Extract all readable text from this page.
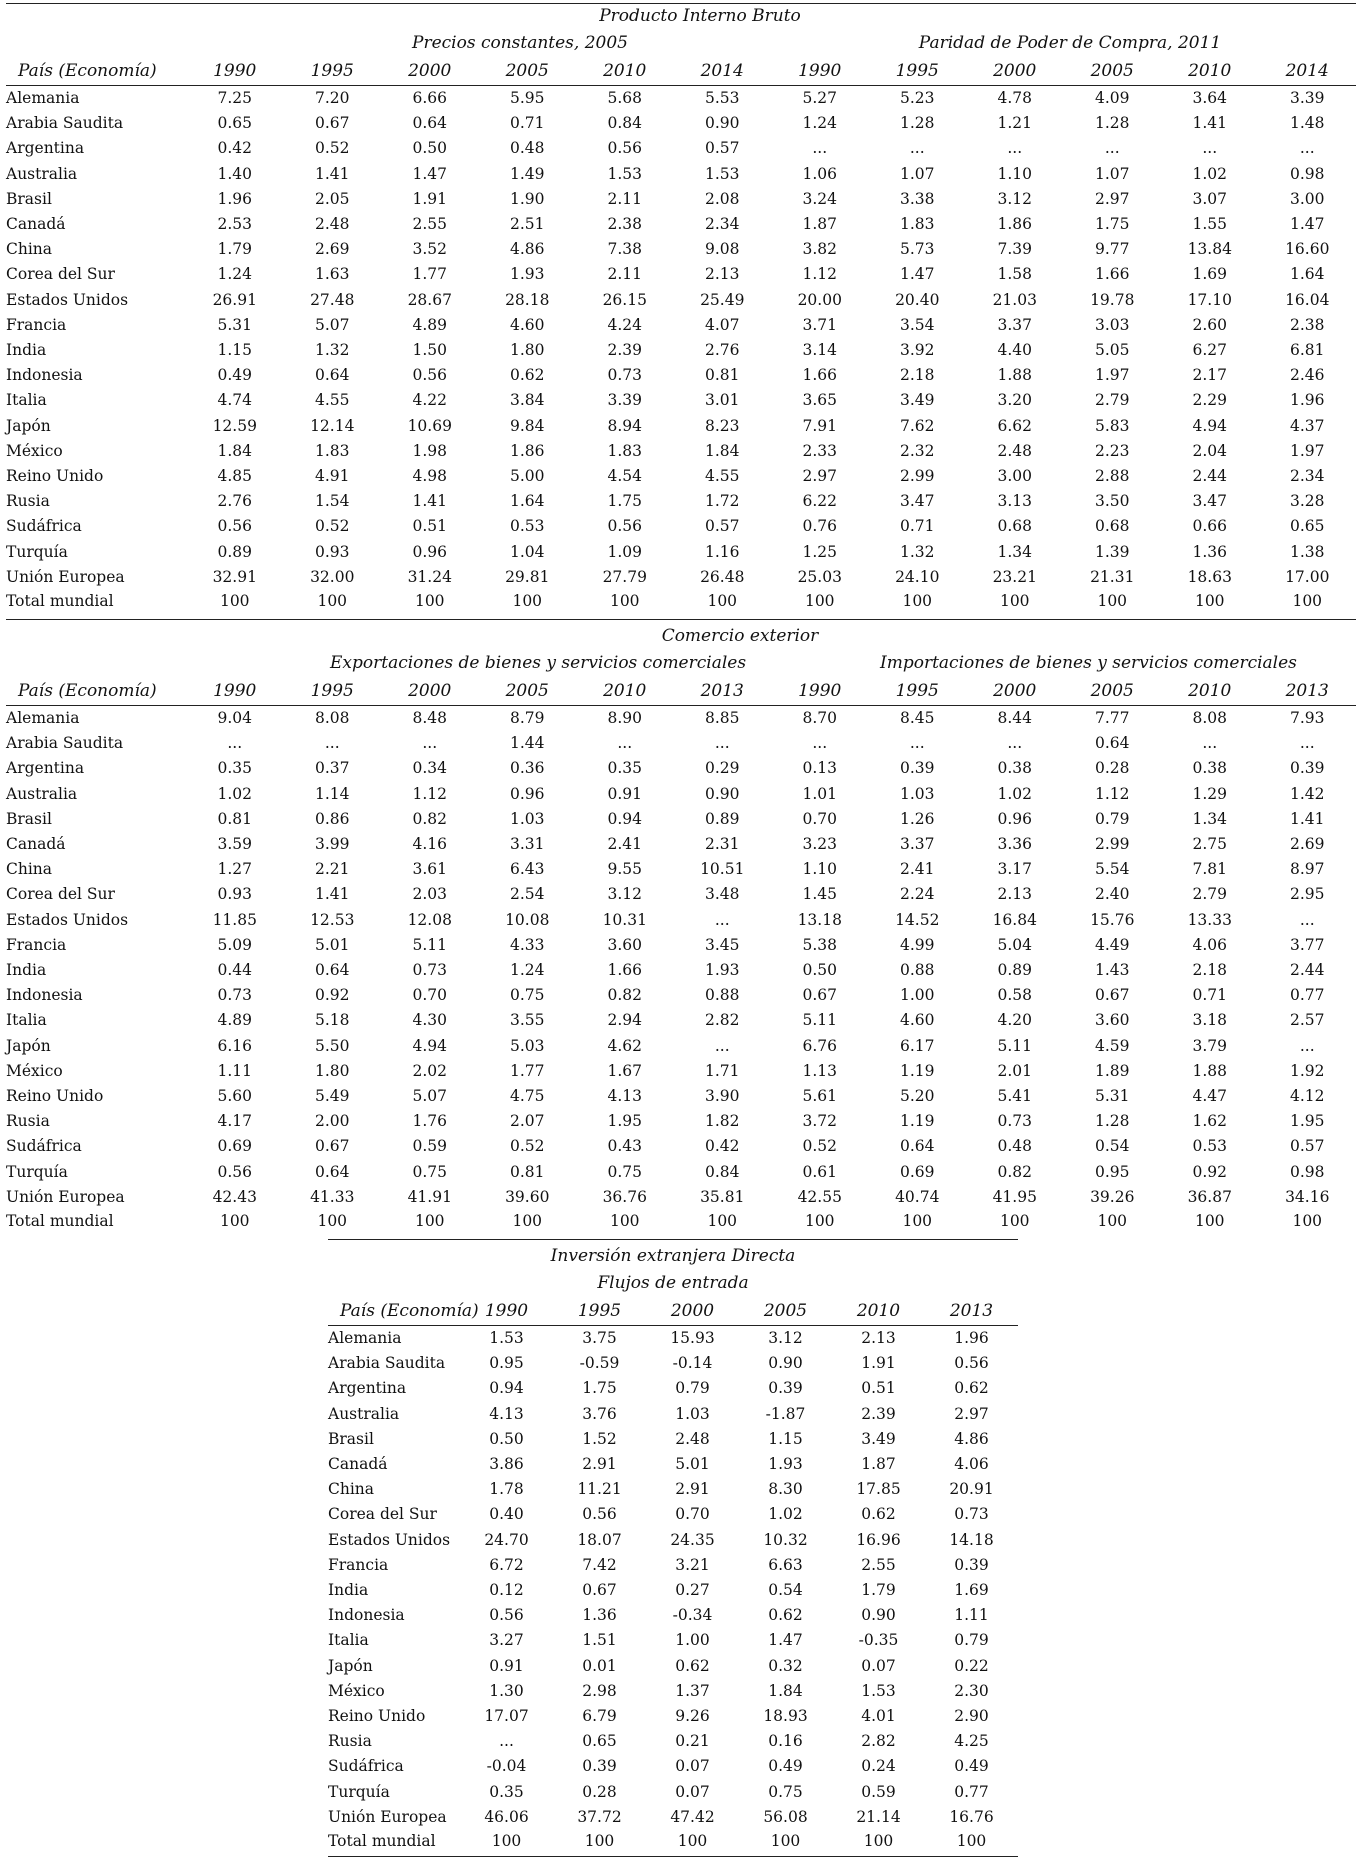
Producto Interno Bruto
Precios constantes, 2005	Paridad de Poder de Compra, 2011
País (Economía)	1990	1995	2000	2005	2010	2014	1990	1995	2000	2005	2010	2014
Alemania	7.25	7.20	6.66	5.95	5.68	5.53	5.27	5.23	4.78	4.09	3.64	3.39
Arabia Saudita	0.65	0.67	0.64	0.71	0.84	0.90	1.24	1.28	1.21	1.28	1.41	1.48
Argentina	0.42	0.52	0.50	0.48	0.56	0.57	...	...	...	...	...	...
Australia	1.40	1.41	1.47	1.49	1.53	1.53	1.06	1.07	1.10	1.07	1.02	0.98
Brasil	1.96	2.05	1.91	1.90	2.11	2.08	3.24	3.38	3.12	2.97	3.07	3.00
Canadá	2.53	2.48	2.55	2.51	2.38	2.34	1.87	1.83	1.86	1.75	1.55	1.47
China	1.79	2.69	3.52	4.86	7.38	9.08	3.82	5.73	7.39	9.77	13.84	16.60
Corea del Sur	1.24	1.63	1.77	1.93	2.11	2.13	1.12	1.47	1.58	1.66	1.69	1.64
Estados Unidos	26.91	27.48	28.67	28.18	26.15	25.49	20.00	20.40	21.03	19.78	17.10	16.04
Francia	5.31	5.07	4.89	4.60	4.24	4.07	3.71	3.54	3.37	3.03	2.60	2.38
India	1.15	1.32	1.50	1.80	2.39	2.76	3.14	3.92	4.40	5.05	6.27	6.81
Indonesia	0.49	0.64	0.56	0.62	0.73	0.81	1.66	2.18	1.88	1.97	2.17	2.46
Italia	4.74	4.55	4.22	3.84	3.39	3.01	3.65	3.49	3.20	2.79	2.29	1.96
Japón	12.59	12.14	10.69	9.84	8.94	8.23	7.91	7.62	6.62	5.83	4.94	4.37
México	1.84	1.83	1.98	1.86	1.83	1.84	2.33	2.32	2.48	2.23	2.04	1.97
Reino Unido	4.85	4.91	4.98	5.00	4.54	4.55	2.97	2.99	3.00	2.88	2.44	2.34
Rusia	2.76	1.54	1.41	1.64	1.75	1.72	6.22	3.47	3.13	3.50	3.47	3.28
Sudáfrica	0.56	0.52	0.51	0.53	0.56	0.57	0.76	0.71	0.68	0.68	0.66	0.65
Turquía	0.89	0.93	0.96	1.04	1.09	1.16	1.25	1.32	1.34	1.39	1.36	1.38
Unión Europea	32.91	32.00	31.24	29.81	27.79	26.48	25.03	24.10	23.21	21.31	18.63	17.00
Total mundial	100	100	100	100	100	100	100	100	100	100	100	100
Comercio exterior
Exportaciones de bienes y servicios comerciales	Importaciones de bienes y servicios comerciales
País (Economía)	1990	1995	2000	2005	2010	2013	1990	1995	2000	2005	2010	2013
Alemania	9.04	8.08	8.48	8.79	8.90	8.85	8.70	8.45	8.44	7.77	8.08	7.93
Arabia Saudita	...	...	...	1.44	...	...	...	...	...	0.64	...	...
Argentina	0.35	0.37	0.34	0.36	0.35	0.29	0.13	0.39	0.38	0.28	0.38	0.39
Australia	1.02	1.14	1.12	0.96	0.91	0.90	1.01	1.03	1.02	1.12	1.29	1.42
Brasil	0.81	0.86	0.82	1.03	0.94	0.89	0.70	1.26	0.96	0.79	1.34	1.41
Canadá	3.59	3.99	4.16	3.31	2.41	2.31	3.23	3.37	3.36	2.99	2.75	2.69
China	1.27	2.21	3.61	6.43	9.55	10.51	1.10	2.41	3.17	5.54	7.81	8.97
Corea del Sur	0.93	1.41	2.03	2.54	3.12	3.48	1.45	2.24	2.13	2.40	2.79	2.95
Estados Unidos	11.85	12.53	12.08	10.08	10.31	...	13.18	14.52	16.84	15.76	13.33	...
Francia	5.09	5.01	5.11	4.33	3.60	3.45	5.38	4.99	5.04	4.49	4.06	3.77
India	0.44	0.64	0.73	1.24	1.66	1.93	0.50	0.88	0.89	1.43	2.18	2.44
Indonesia	0.73	0.92	0.70	0.75	0.82	0.88	0.67	1.00	0.58	0.67	0.71	0.77
Italia	4.89	5.18	4.30	3.55	2.94	2.82	5.11	4.60	4.20	3.60	3.18	2.57
Japón	6.16	5.50	4.94	5.03	4.62	...	6.76	6.17	5.11	4.59	3.79	...
México	1.11	1.80	2.02	1.77	1.67	1.71	1.13	1.19	2.01	1.89	1.88	1.92
Reino Unido	5.60	5.49	5.07	4.75	4.13	3.90	5.61	5.20	5.41	5.31	4.47	4.12
Rusia	4.17	2.00	1.76	2.07	1.95	1.82	3.72	1.19	0.73	1.28	1.62	1.95
Sudáfrica	0.69	0.67	0.59	0.52	0.43	0.42	0.52	0.64	0.48	0.54	0.53	0.57
Turquía	0.56	0.64	0.75	0.81	0.75	0.84	0.61	0.69	0.82	0.95	0.92	0.98
Unión Europea	42.43	41.33	41.91	39.60	36.76	35.81	42.55	40.74	41.95	39.26	36.87	34.16
Total mundial	100	100	100	100	100	100	100	100	100	100	100	100
Inversión extranjera Directa
Flujos de entrada
País (Economía)	1990	1995	2000	2005	2010	2013
Alemania	1.53	3.75	15.93	3.12	2.13	1.96
Arabia Saudita	0.95	-0.59	-0.14	0.90	1.91	0.56
Argentina	0.94	1.75	0.79	0.39	0.51	0.62
Australia	4.13	3.76	1.03	-1.87	2.39	2.97
Brasil	0.50	1.52	2.48	1.15	3.49	4.86
Canadá	3.86	2.91	5.01	1.93	1.87	4.06
China	1.78	11.21	2.91	8.30	17.85	20.91
Corea del Sur	0.40	0.56	0.70	1.02	0.62	0.73
Estados Unidos	24.70	18.07	24.35	10.32	16.96	14.18
Francia	6.72	7.42	3.21	6.63	2.55	0.39
India	0.12	0.67	0.27	0.54	1.79	1.69
Indonesia	0.56	1.36	-0.34	0.62	0.90	1.11
Italia	3.27	1.51	1.00	1.47	-0.35	0.79
Japón	0.91	0.01	0.62	0.32	0.07	0.22
México	1.30	2.98	1.37	1.84	1.53	2.30
Reino Unido	17.07	6.79	9.26	18.93	4.01	2.90
Rusia	...	0.65	0.21	0.16	2.82	4.25
Sudáfrica	-0.04	0.39	0.07	0.49	0.24	0.49
Turquía	0.35	0.28	0.07	0.75	0.59	0.77
Unión Europea	46.06	37.72	47.42	56.08	21.14	16.76
Total mundial	100	100	100	100	100	100
